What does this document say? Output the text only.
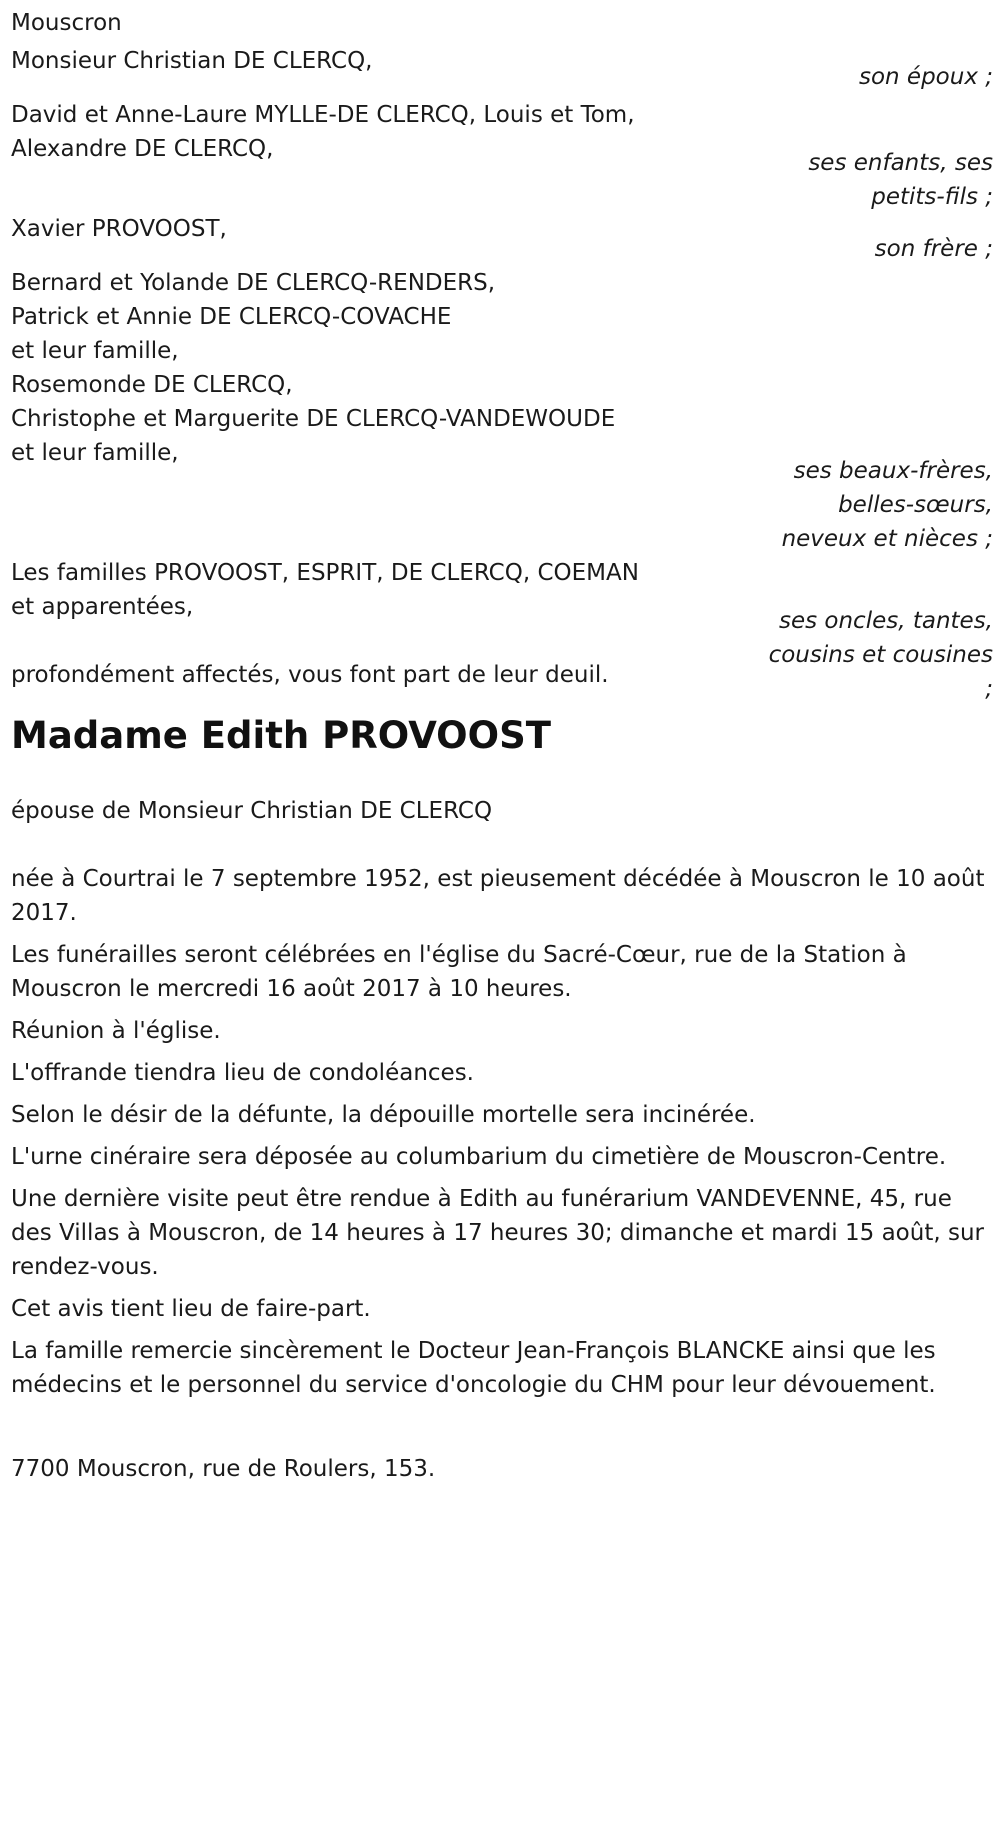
Mouscron

Monsieur Christian DE CLERCQ,

son époux ;

David et Anne-Laure MYLLE-DE CLERCQ, Louis et Tom,

Alexandre DE CLERCQ,

ses enfants, ses

petits-fils ;

Xavier PROVOOST,

son frère ;

Bernard et Yolande DE CLERCQ-RENDERS,

Patrick et Annie DE CLERCQ-COVACHE

et leur famille,

Rosemonde DE CLERCQ,

Christophe et Marguerite DE CLERCQ-VANDEWOUDE

et leur famille,

ses beaux-frères,

belles-sœurs,

neveux et nièces ;

Les familles PROVOOST, ESPRIT, DE CLERCQ, COEMAN

et apparentées,

profondément affectés, vous font part de leur deuil.

ses oncles, tantes,

cousins et cousines

;

Madame Edith PROVOOST

épouse de Monsieur Christian DE CLERCQ

née à Courtrai le 7 septembre 1952, est pieusement décédée à Mouscron le 10 août 2017.

Les funérailles seront célébrées en l'église du Sacré-Cœur, rue de la Station à Mouscron le mercredi 16 août 2017 à 10 heures.

Réunion à l'église.

L'offrande tiendra lieu de condoléances.

Selon le désir de la défunte, la dépouille mortelle sera incinérée.

L'urne cinéraire sera déposée au columbarium du cimetière de Mouscron-Centre.

Une dernière visite peut être rendue à Edith au funérarium VANDEVENNE, 45, rue des Villas à Mouscron, de 14 heures à 17 heures 30; dimanche et mardi 15 août, sur rendez-vous.

Cet avis tient lieu de faire-part.

La famille remercie sincèrement le Docteur Jean-François BLANCKE ainsi que les médecins et le personnel du service d'oncologie du CHM pour leur dévouement.

7700 Mouscron, rue de Roulers, 153.
